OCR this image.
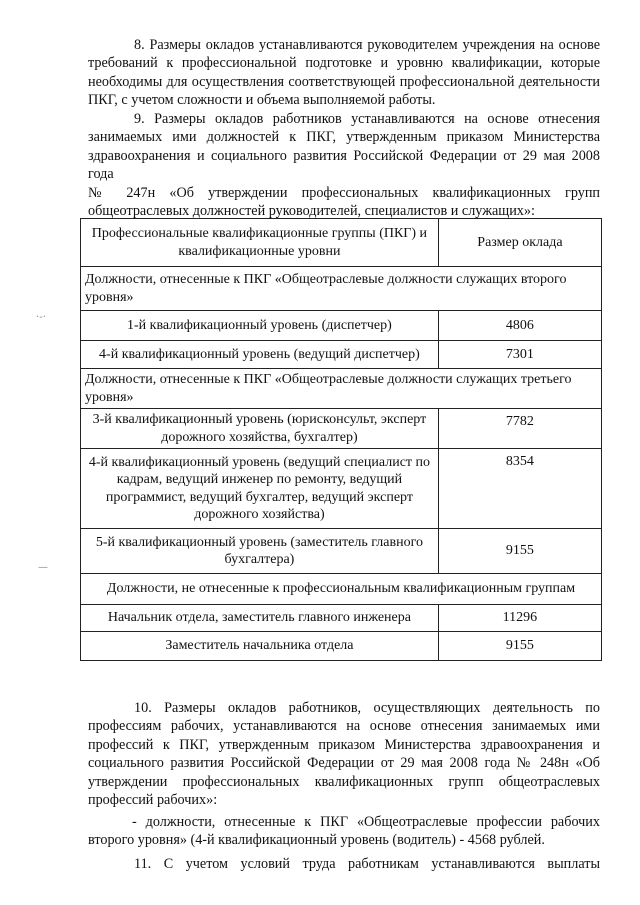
·-·
—
8. Размеры окладов устанавливаются руководителем учреждения на основе
требований к профессиональной подготовке и уровню квалификации, которые
необходимы для осуществления соответствующей профессиональной деятельности
ПКГ, с учетом сложности и объема выполняемой работы.
9. Размеры окладов работников устанавливаются на основе отнесения
занимаемых ими должностей к ПКГ, утвержденным приказом Министерства
здравоохранения и социального развития Российской Федерации от 29 мая 2008 года
№ 247н «Об утверждении профессиональных квалификационных групп
общеотраслевых должностей руководителей, специалистов и служащих»:
Профессиональные квалификационные группы (ПКГ) и квалификационные уровни	Размер оклада
Должности, отнесенные к ПКГ «Общеотраслевые должности служащих второго уровня»	
1-й квалификационный уровень (диспетчер)	4806
4-й квалификационный уровень (ведущий диспетчер)	7301
Должности, отнесенные к ПКГ «Общеотраслевые должности служащих третьего уровня»	
3-й квалификационный уровень (юрисконсульт, эксперт дорожного хозяйства, бухгалтер)	7782
4-й квалификационный уровень (ведущий специалист по кадрам, ведущий инженер по ремонту, ведущий программист, ведущий бухгалтер, ведущий эксперт дорожного хозяйства)	8354
5-й квалификационный уровень (заместитель главного бухгалтера)	9155
Должности, не отнесенные к профессиональным квалификационным группам	
Начальник отдела, заместитель главного инженера	11296
Заместитель начальника отдела	9155
10. Размеры окладов работников, осуществляющих деятельность по
профессиям рабочих, устанавливаются на основе отнесения занимаемых ими
профессий к ПКГ, утвержденным приказом Министерства здравоохранения и
социального развития Российской Федерации от 29 мая 2008 года № 248н «Об
утверждении профессиональных квалификационных групп общеотраслевых
профессий рабочих»:
- должности, отнесенные к ПКГ «Общеотраслевые профессии рабочих
второго уровня» (4-й квалификационный уровень (водитель) - 4568 рублей.
11. С учетом условий труда работникам устанавливаются выплаты
